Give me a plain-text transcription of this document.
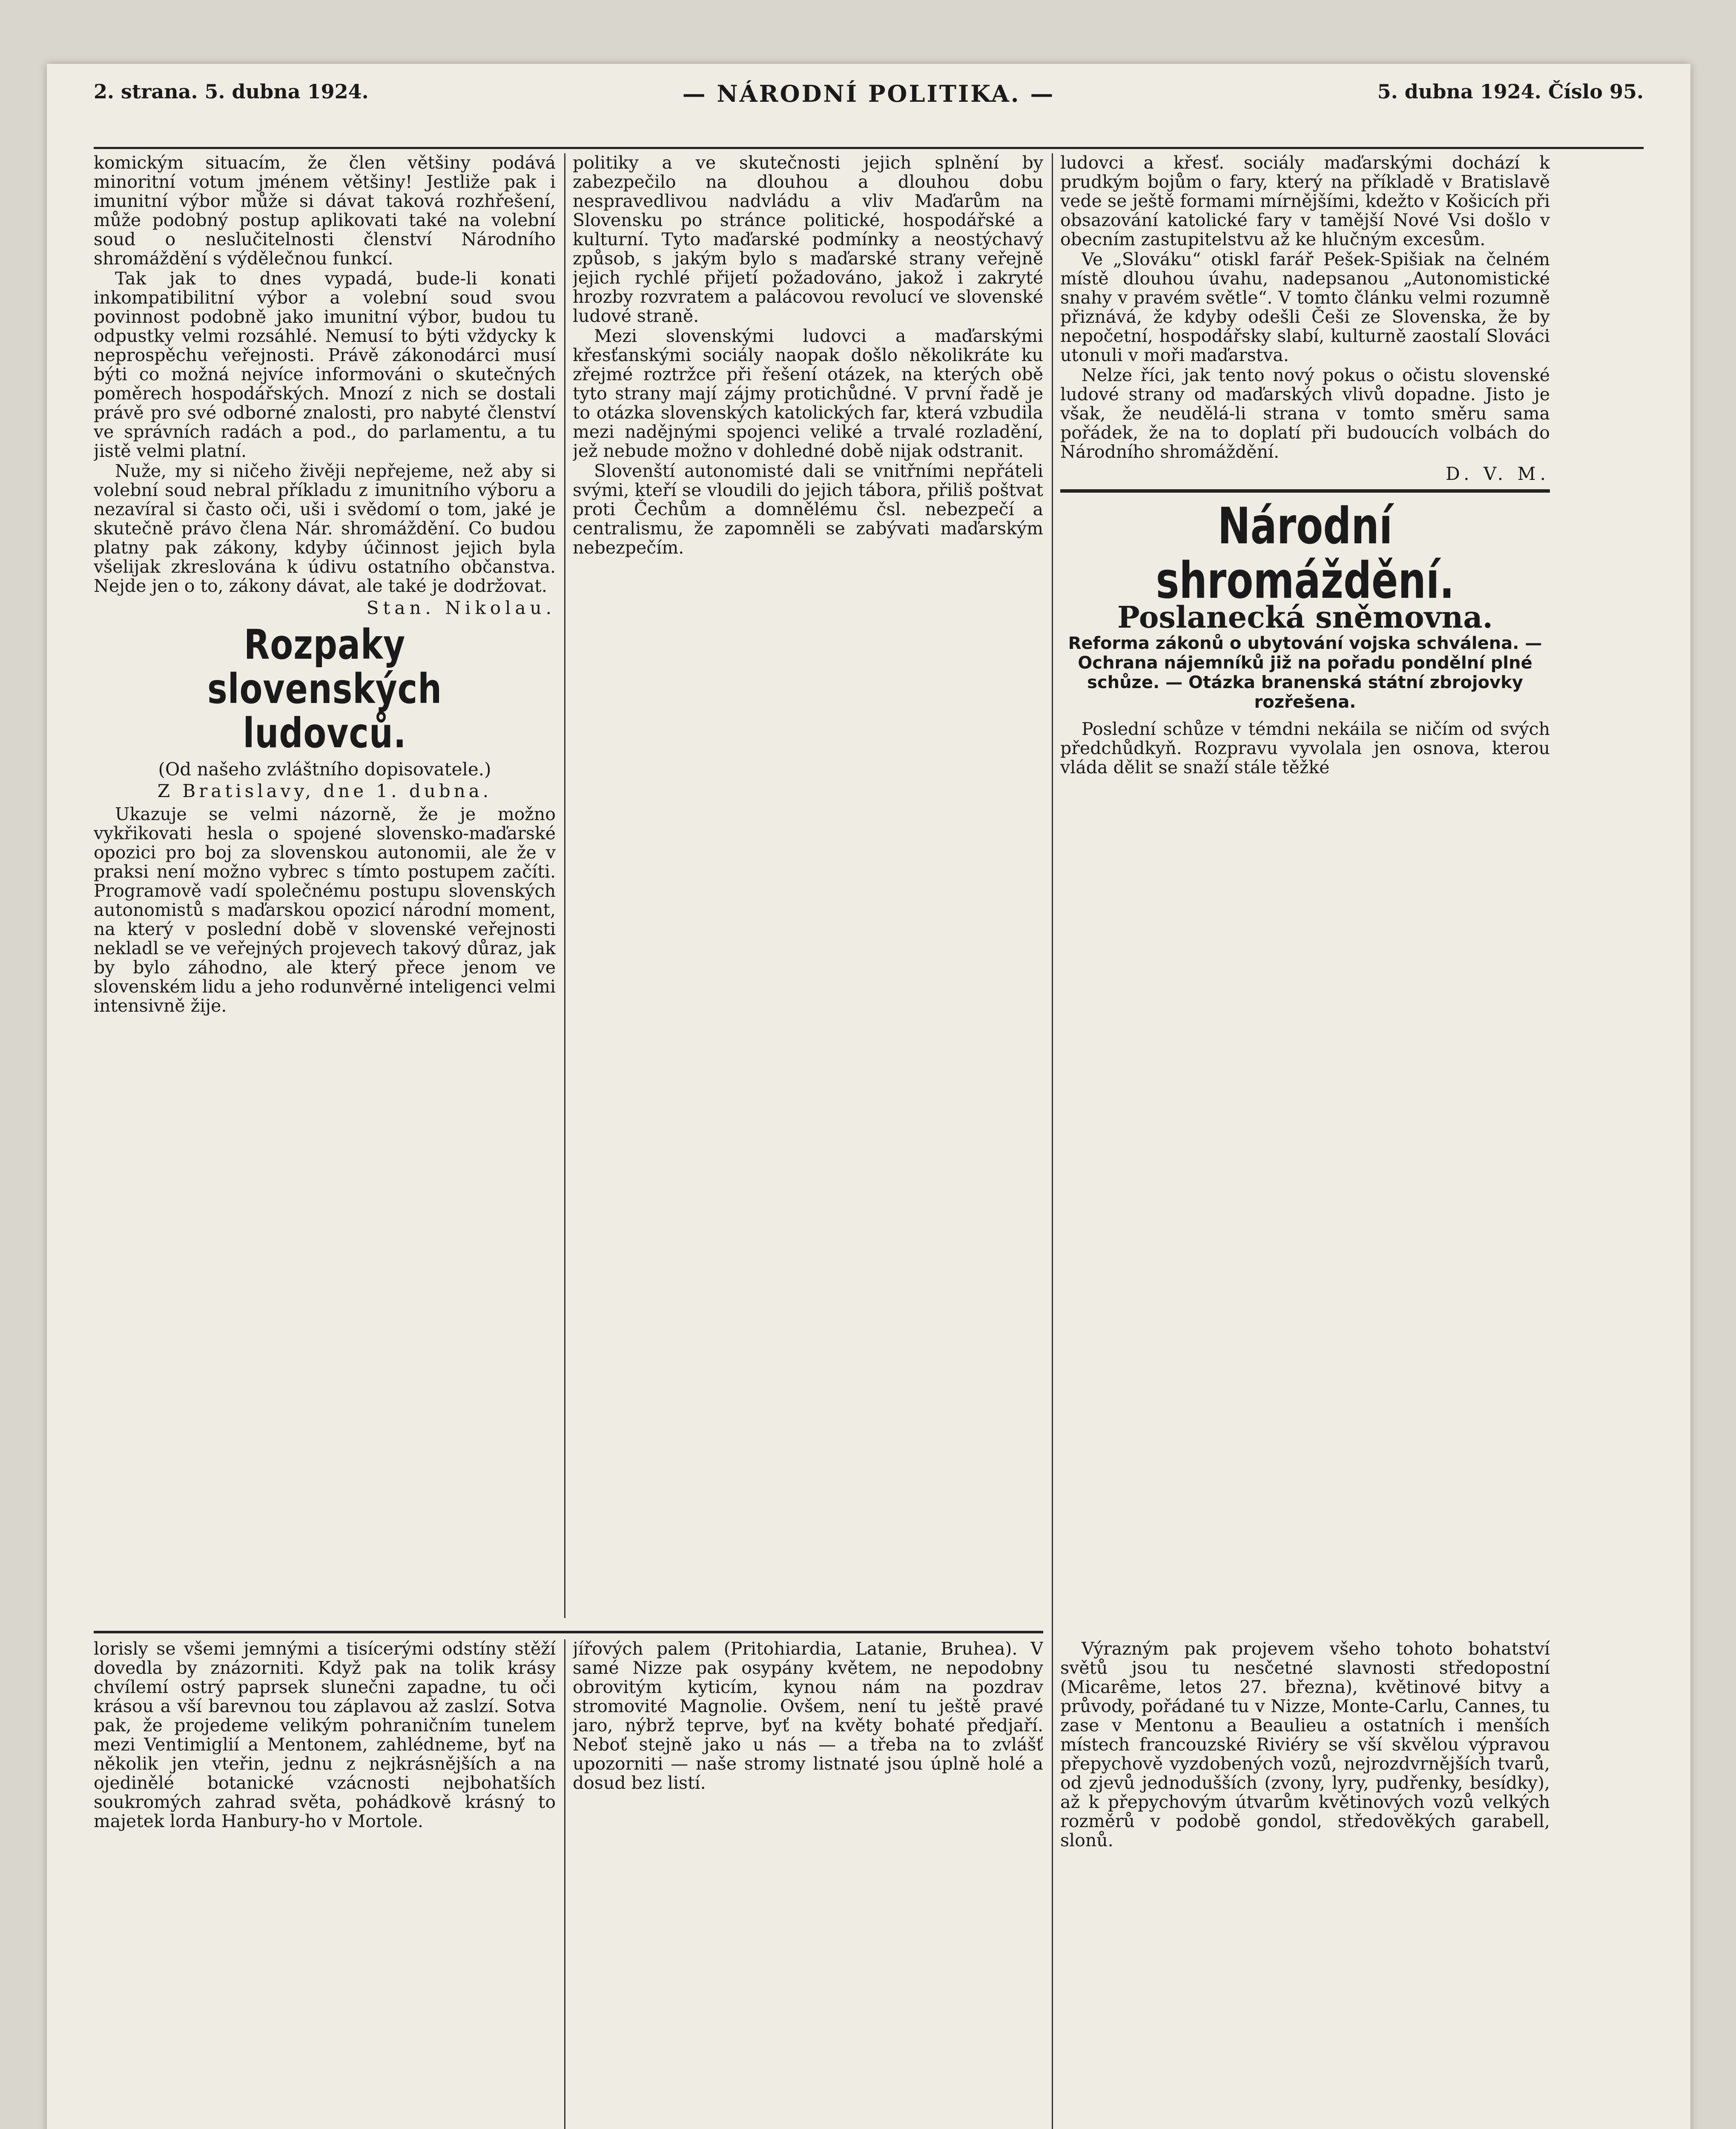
2. strana. 5. dubna 1924.	— NÁRODNÍ POLITIKA. —	5. dubna 1924. Číslo 95.

komickým situacím, že člen většiny podává minoritní votum jménem většiny! Jestliže pak i imunitní výbor může si dávat taková rozhřešení, může podobný postup aplikovati také na volební soud o neslučitelnosti členství Národního shromáždění s výdělečnou funkcí.

Tak jak to dnes vypadá, bude-li konati inkompatibilitní výbor a volební soud svou povinnost podobně jako imunitní výbor, budou tu odpustky velmi rozsáhlé. Nemusí to býti vždycky k neprospěchu veřejnosti. Právě zákonodárci musí býti co možná nejvíce informováni o skutečných poměrech hospodářských. Mnozí z nich se dostali právě pro své odborné znalosti, pro nabyté členství ve správních radách a pod., do parlamentu, a tu jistě velmi platní.

Nuže, my si ničeho živěji nepřejeme, než aby si volební soud nebral příkladu z imunitního výboru a nezavíral si často oči, uši i svědomí o tom, jaké je skutečně právo člena Nár. shromáždění. Co budou platny pak zákony, kdyby účinnost jejich byla všelijak zkreslována k údivu ostatního občanstva. Nejde jen o to, zákony dávat, ale také je dodržovat.

Stan. Nikolau.
Rozpaky slovenských ludovců.
(Od našeho zvláštního dopisovatele.)
Z Bratislavy, dne 1. dubna.

Ukazuje se velmi názorně, že je možno vykřikovati hesla o spojené slovensko-maďarské opozici pro boj za slovenskou autonomii, ale že v praksi není možno vybrec s tímto postupem začíti. Programově vadí společnému postupu slovenských autonomistů s maďarskou opozicí národní moment, na který v poslední době v slovenské veřejnosti nekladl se ve veřejných projevech takový důraz, jak by bylo záhodno, ale který přece jenom ve slovenském lidu a jeho rodunvěrné inteligenci velmi intensivně žije.

politiky a ve skutečnosti jejich splnění by zabezpečilo na dlouhou a dlouhou dobu nespravedlivou nadvládu a vliv Maďarům na Slovensku po stránce politické, hospodářské a kulturní. Tyto maďarské podmínky a neostýchavý způsob, s jakým bylo s maďarské strany veřejně jejich rychlé přijetí požadováno, jakož i zakryté hrozby rozvratem a palácovou revolucí ve slovenské ludové straně.

Mezi slovenskými ludovci a maďarskými křesťanskými sociály naopak došlo několikráte ku zřejmé roztržce při řešení otázek, na kterých obě tyto strany mají zájmy protichůdné. V první řadě je to otázka slovenských katolických far, která vzbudila mezi nadějnými spojenci veliké a trvalé rozladění, jež nebude možno v dohledné době nijak odstranit.

Slovenští autonomisté dali se vnitřními nepřáteli svými, kteří se vloudili do jejich tábora, přiliš poštvat proti Čechům a domnělému čsl. nebezpečí a centralismu, že zapomněli se zabývati maďarským nebezpečím.

ludovci a křesť. sociály maďarskými dochází k prudkým bojům o fary, který na příkladě v Bratislavě vede se ještě formami mírnějšími, kdežto v Košicích při obsazování katolické fary v tamější Nové Vsi došlo v obecním zastupitelstvu až ke hlučným excesům.

Ve „Slováku“ otiskl farář Pešek-Spišiak na čelném místě dlouhou úvahu, nadepsanou „Autonomistické snahy v pravém světle“. V tomto článku velmi rozumně přiznává, že kdyby odešli Češi ze Slovenska, že by nepočetní, hospodářsky slabí, kulturně zaostalí Slováci utonuli v moři maďarstva.

Nelze říci, jak tento nový pokus o očistu slovenské ludové strany od maďarských vlivů dopadne. Jisto je však, že neudělá-li strana v tomto směru sama pořádek, že na to doplatí při budoucích volbách do Národního shromáždění.

D. V. M.
Národní shromáždění.
Poslanecká sněmovna.
Reforma zákonů o ubytování vojska schválena. — Ochrana nájemníků již na pořadu pondělní plné schůze. — Otázka branenská státní zbrojovky rozřešena.

Poslední schůze v témdni nekáila se ničím od svých předchůdkyň. Rozpravu vyvolala jen osnova, kterou vláda dělit se snaží stále těžké

lorisly se všemi jemnými a tisícerými odstíny stěží dovedla by znázorniti. Když pak na tolik krásy chvílemí ostrý paprsek slunečni zapadne, tu oči krásou a vší barevnou tou záplavou až zaslzí. Sotva pak, že projedeme velikým pohraničním tunelem mezi Ventimiglií a Mentonem, zahlédneme, byť na několik jen vteřin, jednu z nejkrásnějších a na ojedinělé botanické vzácnosti nejbohatších soukromých zahrad světa, pohádkově krásný to majetek lorda Hanbury-ho v Mortole.

jířových palem (Pritohiardia, Latanie, Bruhea). V samé Nizze pak osypány květem, ne nepodobny obrovitým kyticím, kynou nám na pozdrav stromovité Magnolie. Ovšem, není tu ještě pravé jaro, nýbrž teprve, byť na květy bohaté předjaří. Neboť stejně jako u nás — a třeba na to zvlášť upozorniti — naše stromy listnaté jsou úplně holé a dosud bez listí.

Výrazným pak projevem všeho tohoto bohatství světů jsou tu nesčetné slavnosti středopostní (Micarême, letos 27. března), květinové bitvy a průvody, pořádané tu v Nizze, Monte-Carlu, Cannes, tu zase v Mentonu a Beaulieu a ostatních i menších místech francouzské Riviéry se vší skvělou výpravou přepychově vyzdobených vozů, nejrozdvrnějších tvarů, od zjevů jednodušších (zvony, lyry, pudřenky, besídky), až k přepychovým útvarům květinových vozů velkých rozměrů v podobě gondol, středověkých garabell, slonů.
